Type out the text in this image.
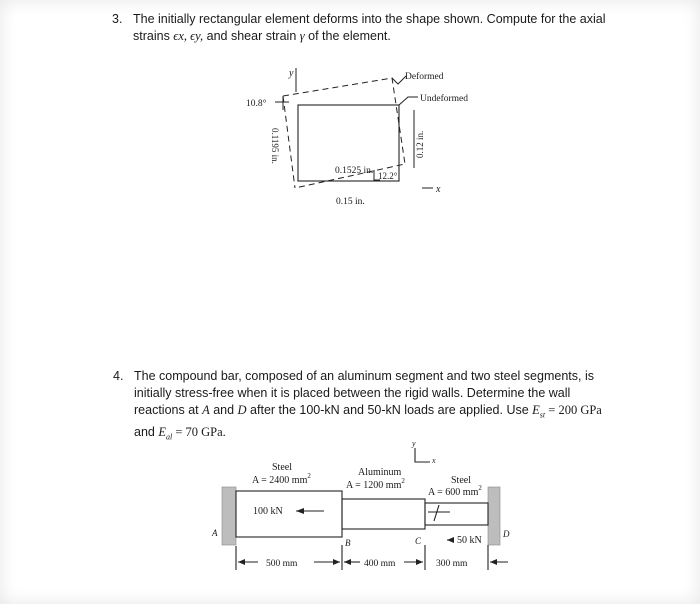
3. The initially rectangular element deforms into the shape shown. Compute for the axial
strains ϵx, ϵy, and shear strain γ of the element.
y
x
Deformed
Undeformed
10.8°
12.2°
0.1525 in.
0.15 in.
0.1195 in.	0.12 in.
4. The compound bar, composed of an aluminum segment and two steel segments, is
initially stress-free when it is placed between the rigid walls. Determine the wall
reactions at A and D after the 100-kN and 50-kN loads are applied. Use $E_{st} = 200$ GPa
and $E_{al} = 70$ GPa.
y
x
Steel
A = 2400 $mm^2$	Aluminum
A = 1200 $mm^2$	Steel
A = 600 $mm^2$
100 kN
50 kN
A
B	C
D
500 mm	400 mm	300 mm
